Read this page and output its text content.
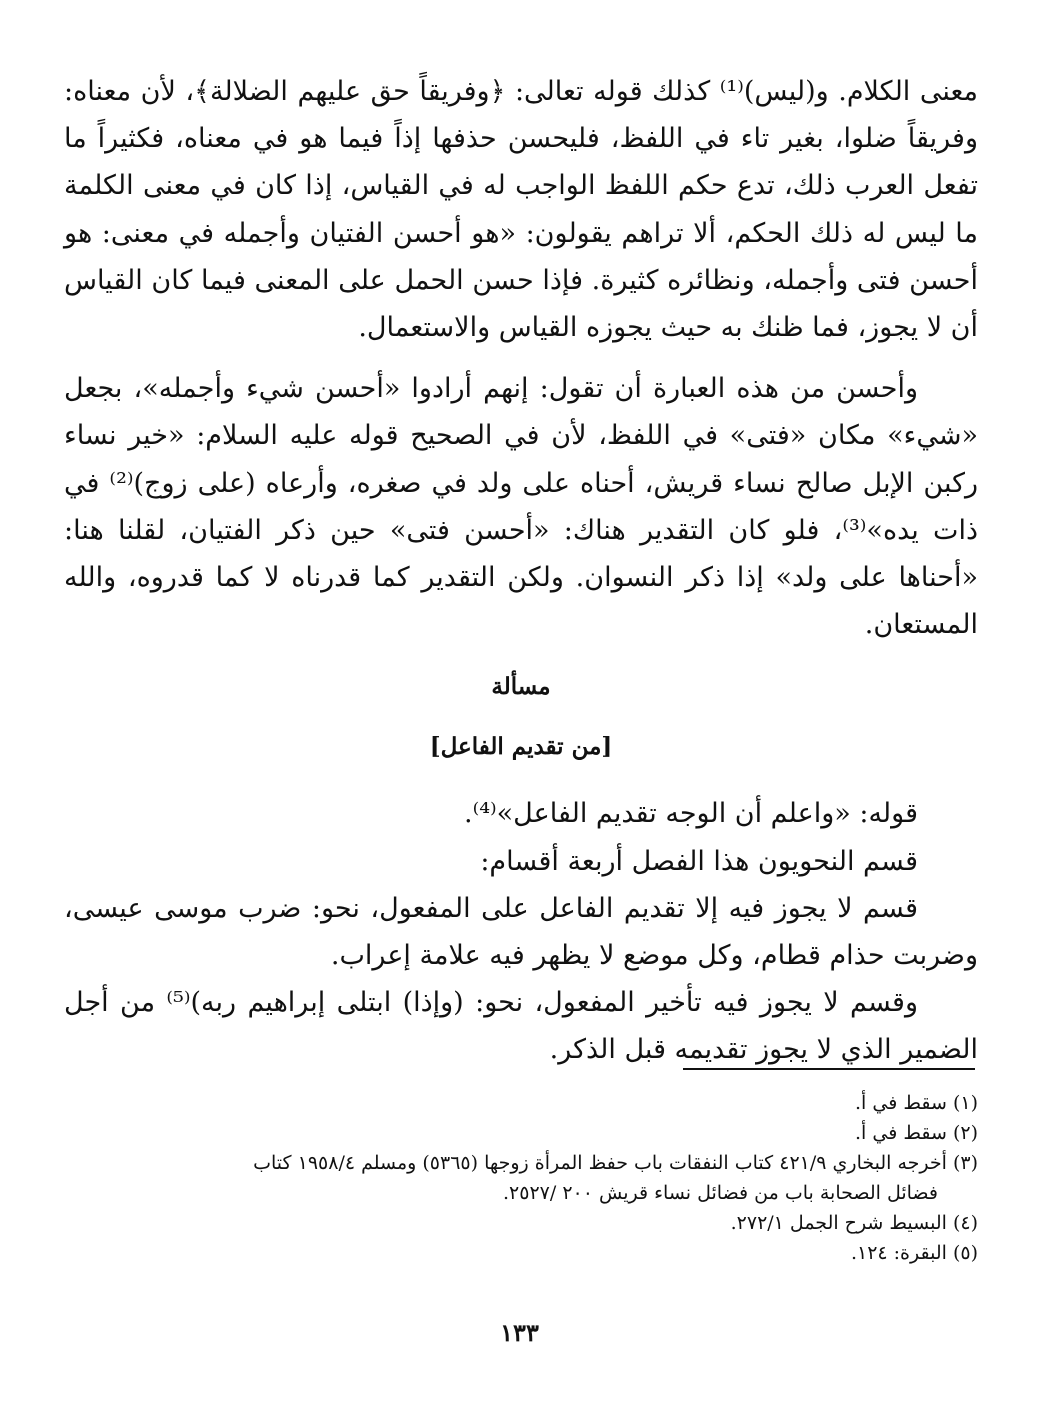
معنى الكلام. و(ليس)⁽¹⁾ كذلك قوله تعالى: ﴿وفريقاً حق عليهم الضلالة﴾، لأن معناه: وفريقاً ضلوا، بغير تاء في اللفظ، فليحسن حذفها إذاً فيما هو في معناه، فكثيراً ما تفعل العرب ذلك، تدع حكم اللفظ الواجب له في القياس، إذا كان في معنى الكلمة ما ليس له ذلك الحكم، ألا تراهم يقولون: «هو أحسن الفتيان وأجمله في معنى: هو أحسن فتى وأجمله، ونظائره كثيرة. فإذا حسن الحمل على المعنى فيما كان القياس أن لا يجوز، فما ظنك به حيث يجوزه القياس والاستعمال.

وأحسن من هذه العبارة أن تقول: إنهم أرادوا «أحسن شيء وأجمله»، بجعل «شيء» مكان «فتى» في اللفظ، لأن في الصحيح قوله عليه السلام: «خير نساء ركبن الإبل صالح نساء قريش، أحناه على ولد في صغره، وأرعاه (على زوج)⁽²⁾ في ذات يده»⁽³⁾، فلو كان التقدير هناك: «أحسن فتى» حين ذكر الفتيان، لقلنا هنا: «أحناها على ولد» إذا ذكر النسوان. ولكن التقدير كما قدرناه لا كما قدروه، والله المستعان.

مسألة

[من تقديم الفاعل]

قوله: «واعلم أن الوجه تقديم الفاعل»⁽⁴⁾.

قسم النحويون هذا الفصل أربعة أقسام:

قسم لا يجوز فيه إلا تقديم الفاعل على المفعول، نحو: ضرب موسى عيسى، وضربت حذام قطام، وكل موضع لا يظهر فيه علامة إعراب.

وقسم لا يجوز فيه تأخير المفعول، نحو: (وإذا) ابتلى إبراهيم ربه)⁽⁵⁾ من أجل الضمير الذي لا يجوز تقديمه قبل الذكر.

(١) سقط في أ.

(٢) سقط في أ.

(٣) أخرجه البخاري ٤٢١/٩ كتاب النفقات باب حفظ المرأة زوجها (٥٣٦٥) ومسلم ١٩٥٨/٤ كتاب

فضائل الصحابة باب من فضائل نساء قريش ٢٠٠ /٢٥٢٧.

(٤) البسيط شرح الجمل ٢٧٢/١.

(٥) البقرة: ١٢٤.

١٣٣
